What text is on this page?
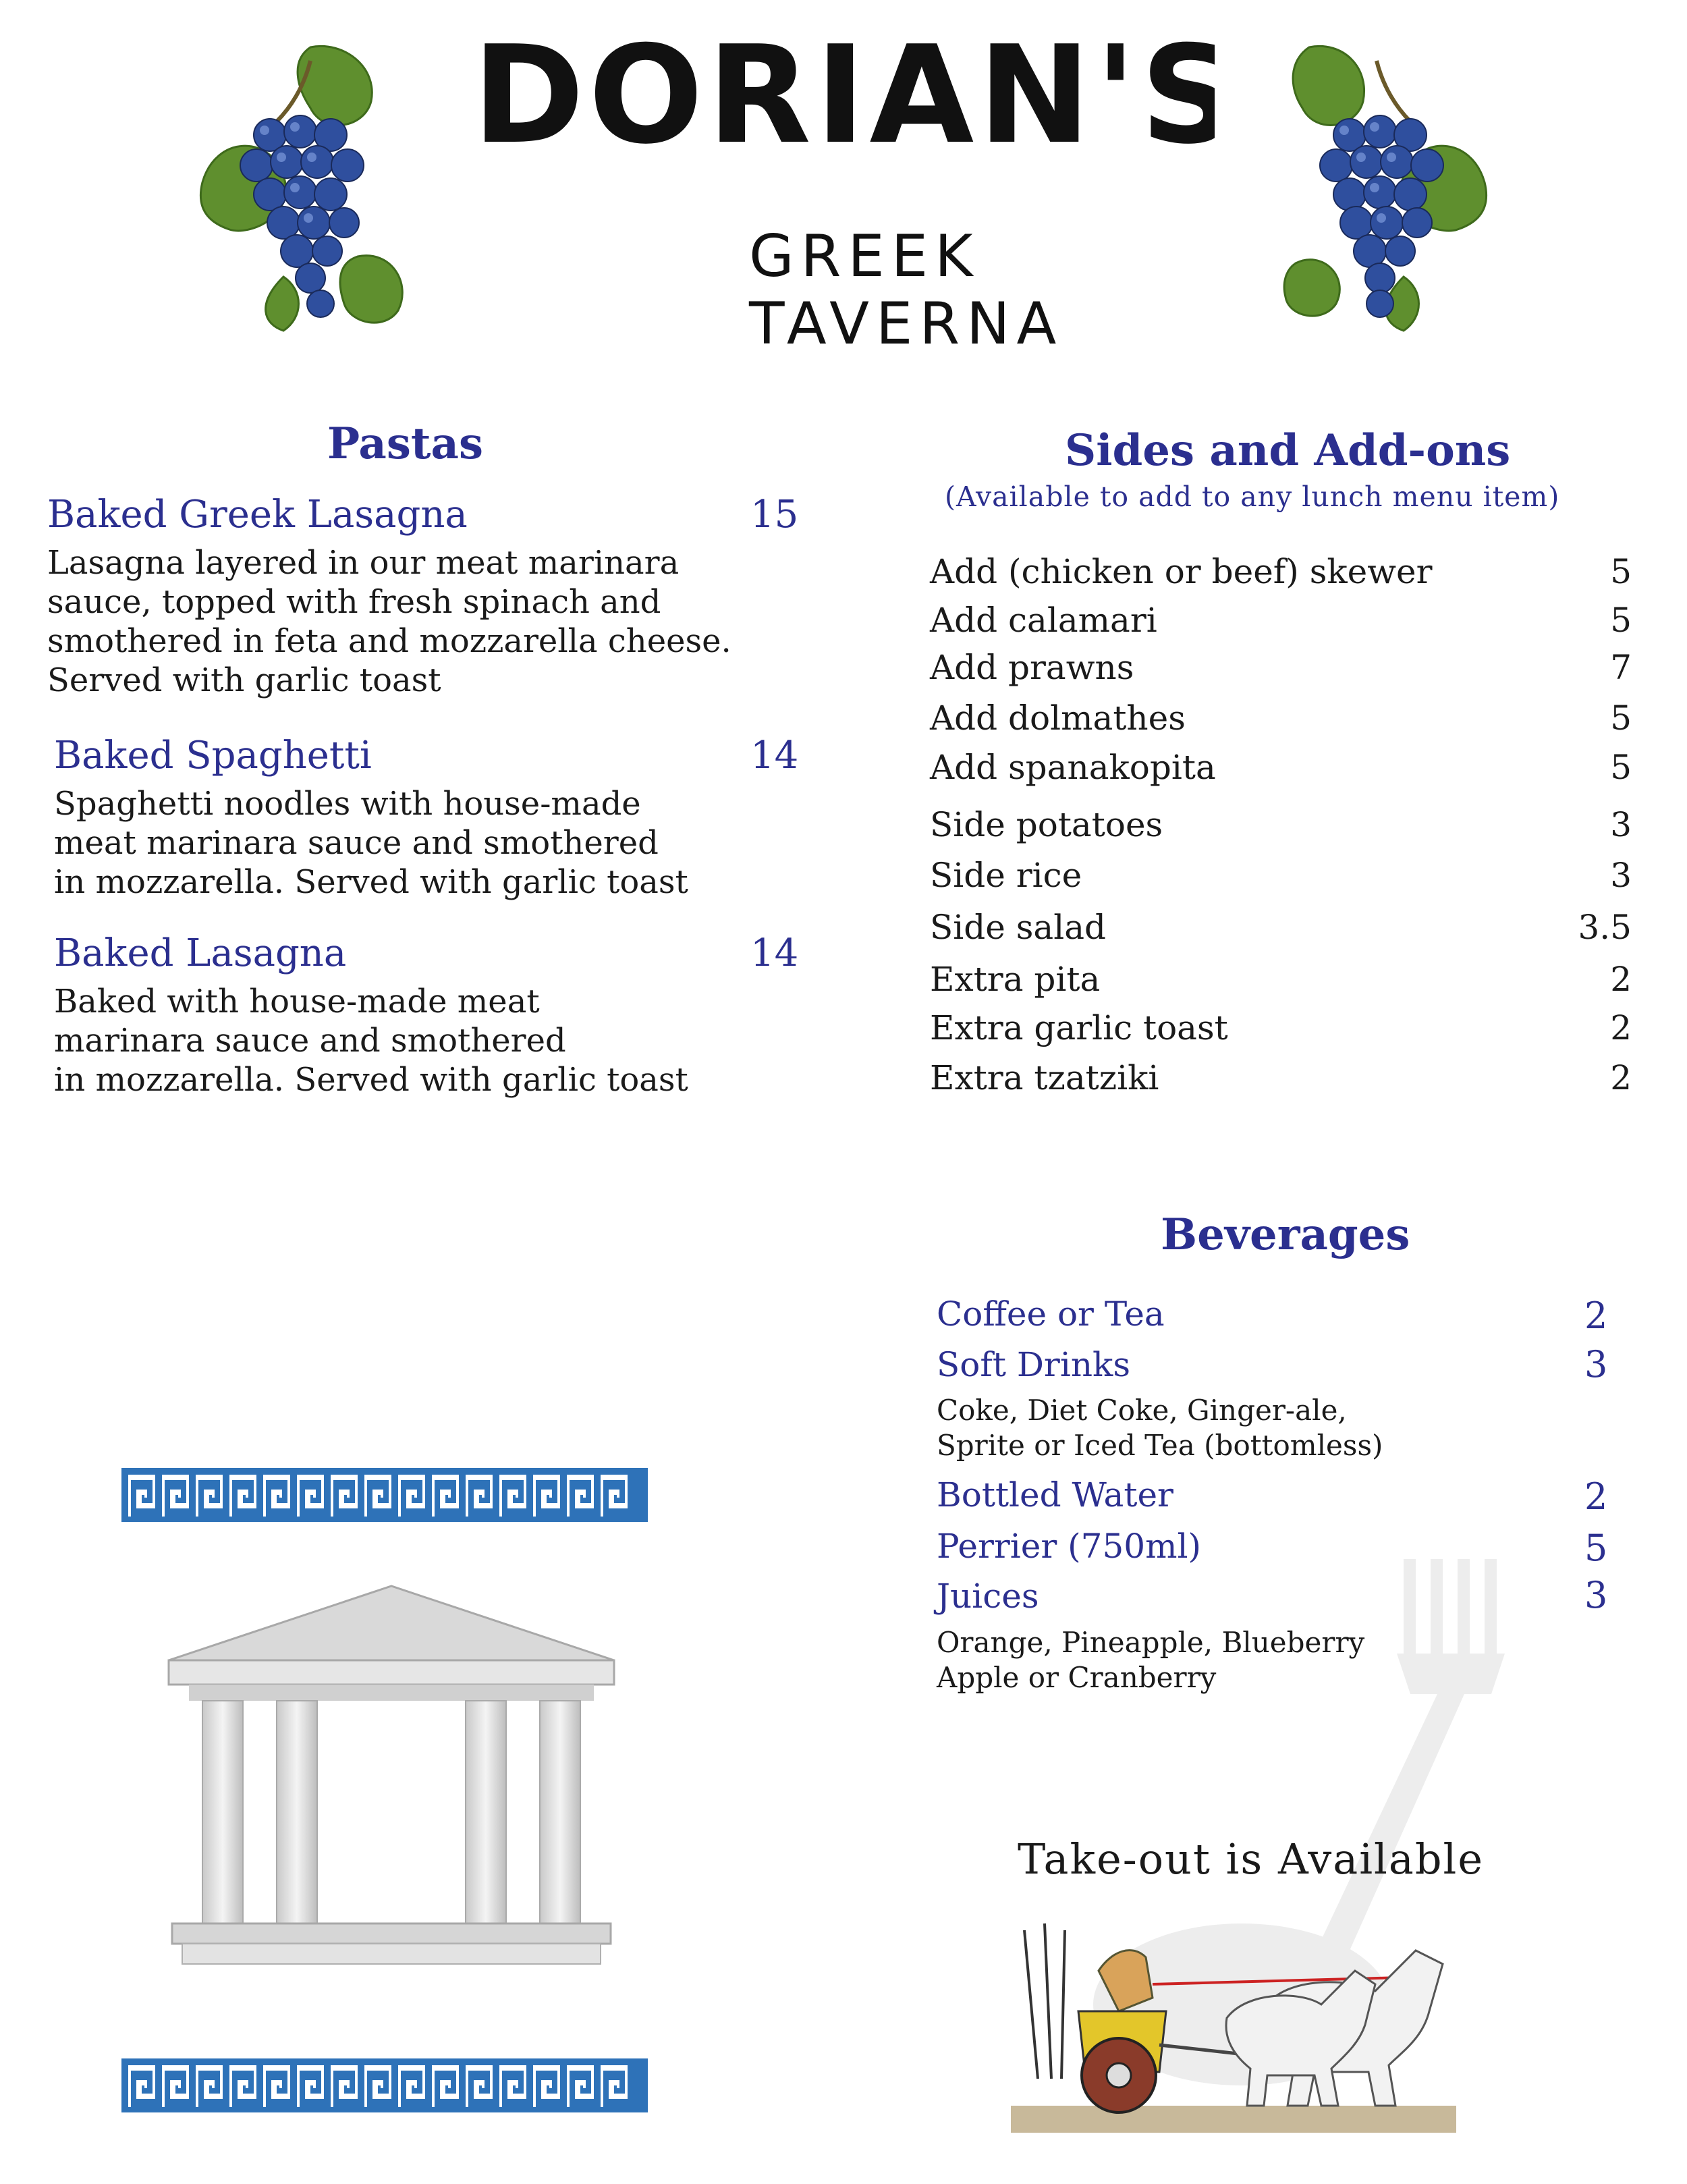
DORIAN'S
GREEK TAVERNA
Pastas
Baked Greek Lasagna	15
Lasagna layered in our meat marinara
sauce, topped with fresh spinach and
smothered in feta and mozzarella cheese.
Served with garlic toast
Baked Spaghetti	14
Spaghetti noodles with house-made
meat marinara sauce and smothered
in mozzarella. Served with garlic toast
Baked Lasagna	14
Baked with house-made meat
marinara sauce and smothered
in mozzarella. Served with garlic toast
Sides and Add-ons
(Available to add to any lunch menu item)
Add (chicken or beef) skewer	5
Add calamari	5
Add prawns	7
Add dolmathes	5
Add spanakopita	5
Side potatoes	3
Side rice	3
Side salad	3.5
Extra pita	2
Extra garlic toast	2
Extra tzatziki	2
Beverages
Coffee or Tea	2
Soft Drinks	3
Coke, Diet Coke, Ginger-ale,
Sprite or Iced Tea (bottomless)
Bottled Water	2
Perrier (750ml)	5
Juices	3
Orange, Pineapple, Blueberry
Apple or Cranberry
Take-out is Available
